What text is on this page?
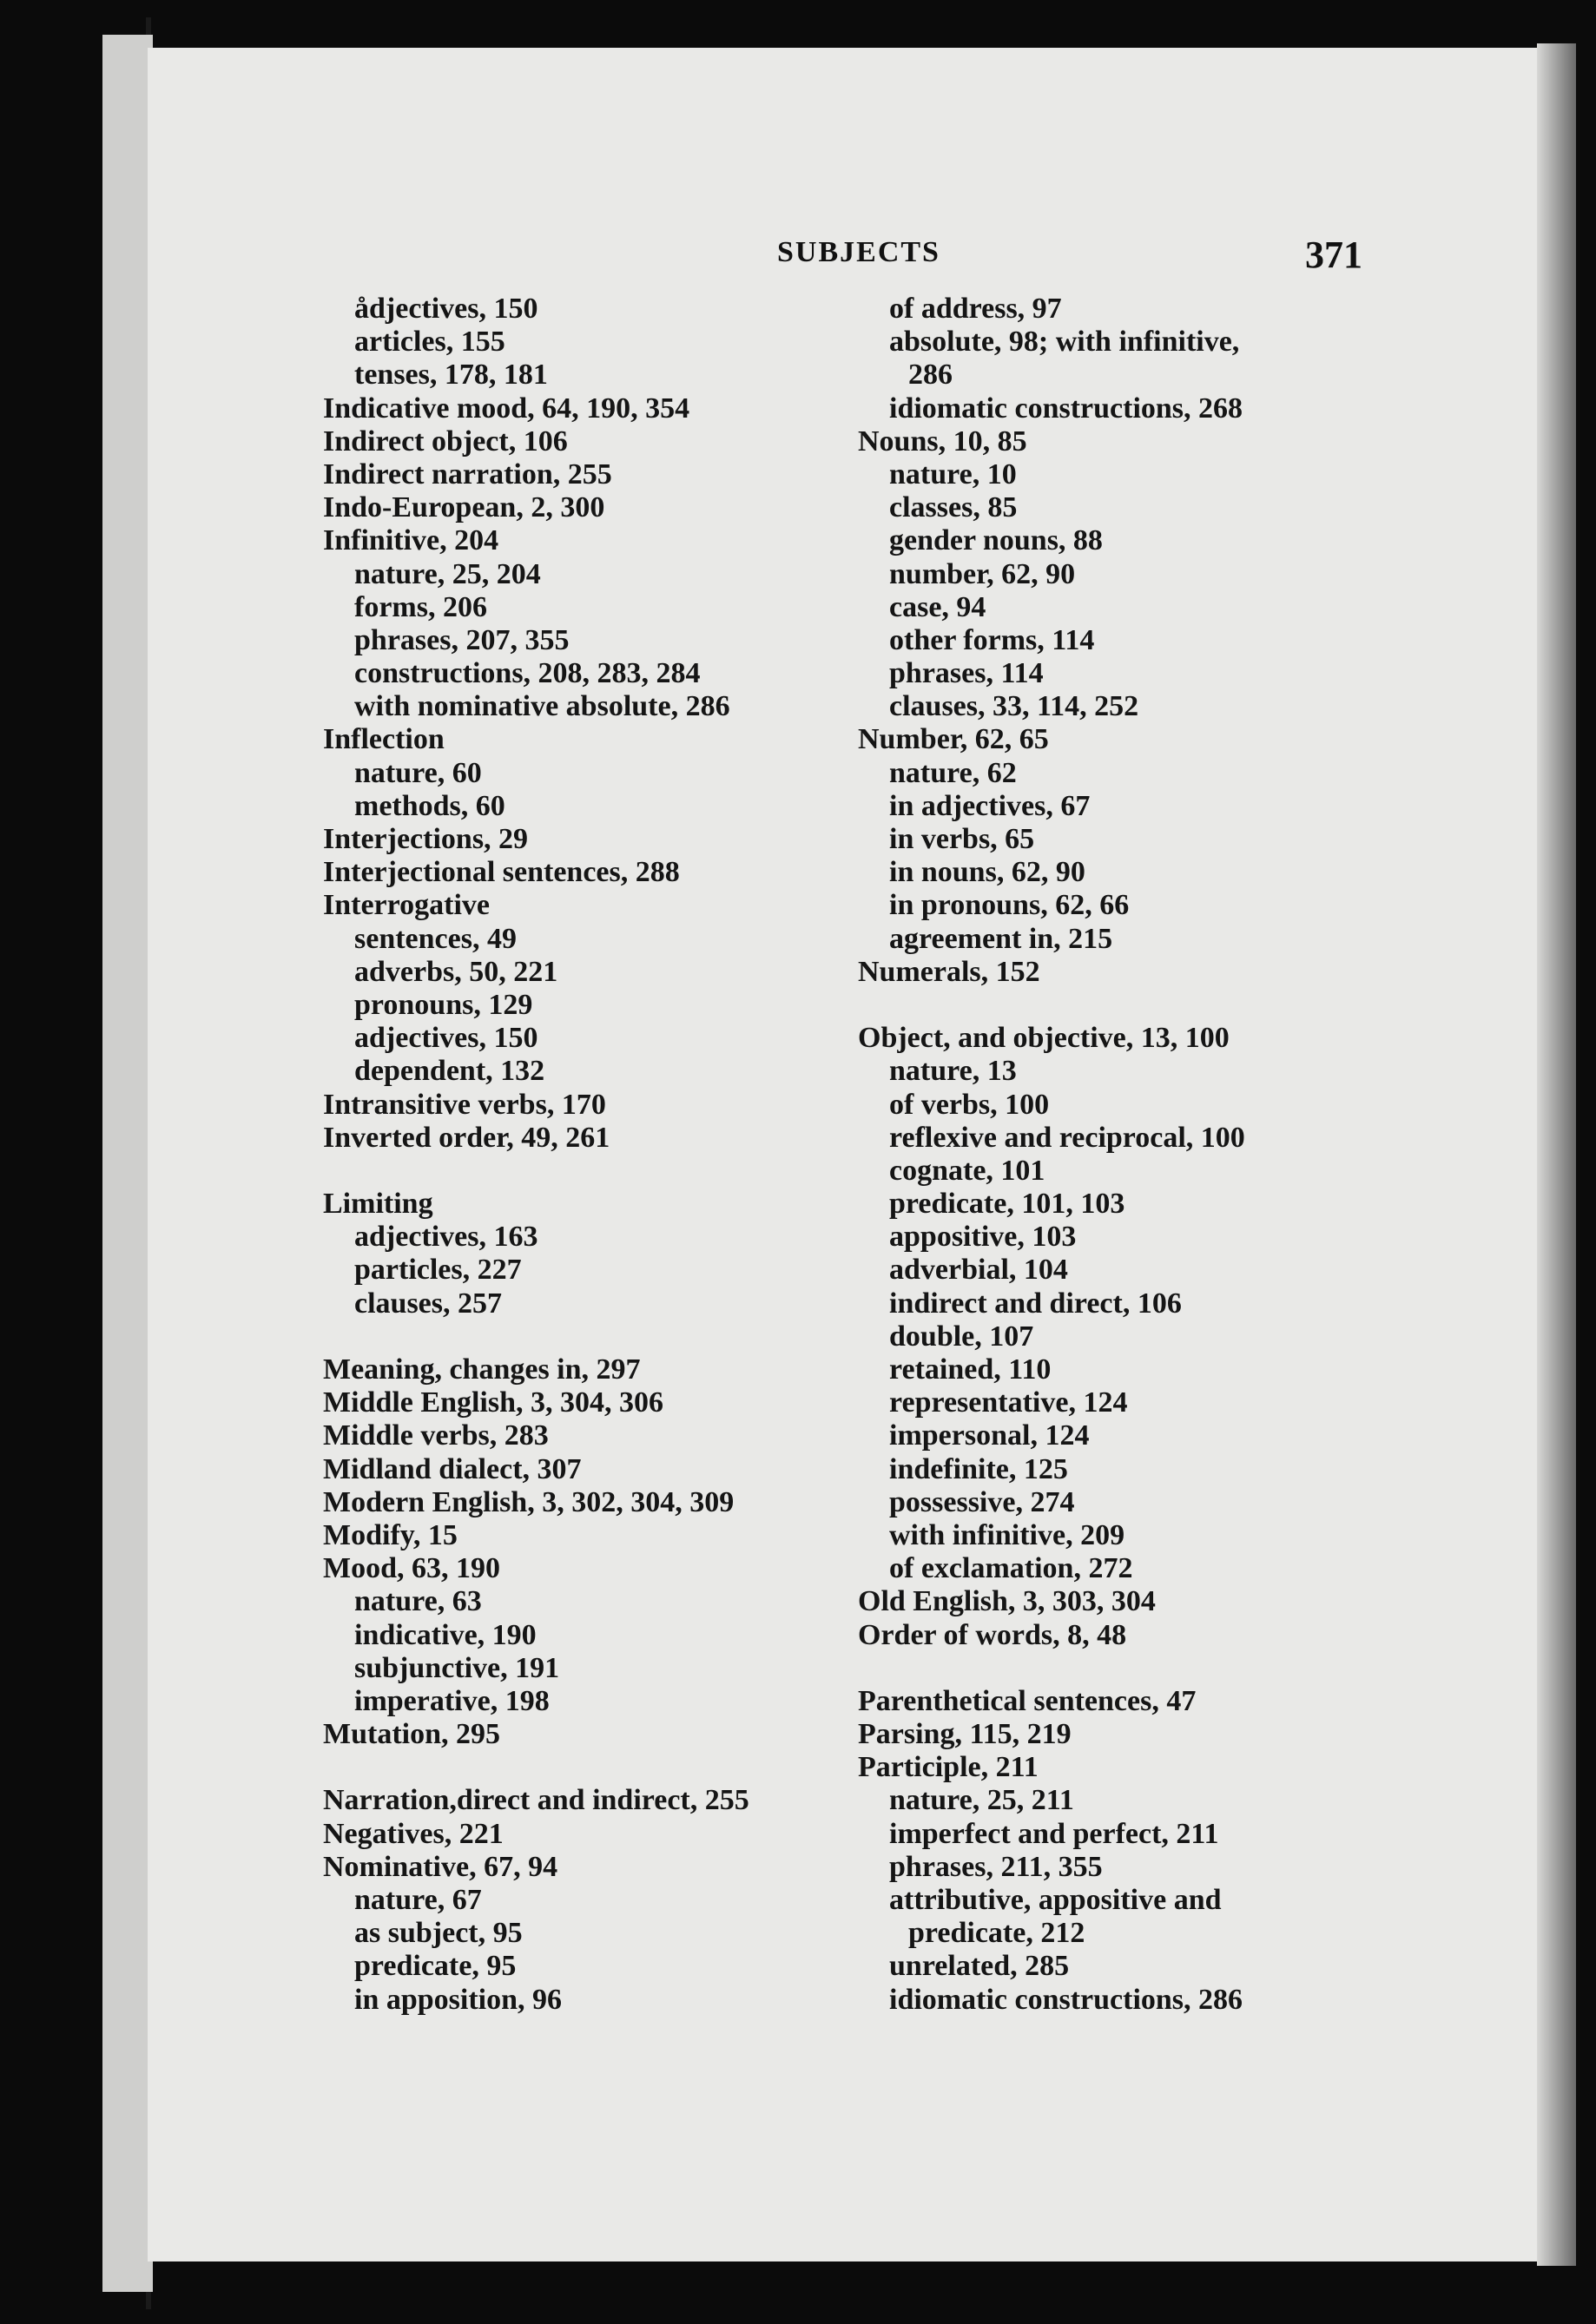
SUBJECTS	371
ådjectives, 150
articles, 155
tenses, 178, 181
Indicative mood, 64, 190, 354
Indirect object, 106
Indirect narration, 255
Indo-European, 2, 300
Infinitive, 204
nature, 25, 204
forms, 206
phrases, 207, 355
constructions, 208, 283, 284
with nominative absolute, 286
Inflection
nature, 60
methods, 60
Interjections, 29
Interjectional sentences, 288
Interrogative
sentences, 49
adverbs, 50, 221
pronouns, 129
adjectives, 150
dependent, 132
Intransitive verbs, 170
Inverted order, 49, 261
Limiting
adjectives, 163
particles, 227
clauses, 257
Meaning, changes in, 297
Middle English, 3, 304, 306
Middle verbs, 283
Midland dialect, 307
Modern English, 3, 302, 304, 309
Modify, 15
Mood, 63, 190
nature, 63
indicative, 190
subjunctive, 191
imperative, 198
Mutation, 295
Narration,direct and indirect, 255
Negatives, 221
Nominative, 67, 94
nature, 67
as subject, 95
predicate, 95
in apposition, 96
of address, 97
absolute, 98; with infinitive,
286
idiomatic constructions, 268
Nouns, 10, 85
nature, 10
classes, 85
gender nouns, 88
number, 62, 90
case, 94
other forms, 114
phrases, 114
clauses, 33, 114, 252
Number, 62, 65
nature, 62
in adjectives, 67
in verbs, 65
in nouns, 62, 90
in pronouns, 62, 66
agreement in, 215
Numerals, 152
Object, and objective, 13, 100
nature, 13
of verbs, 100
reflexive and reciprocal, 100
cognate, 101
predicate, 101, 103
appositive, 103
adverbial, 104
indirect and direct, 106
double, 107
retained, 110
representative, 124
impersonal, 124
indefinite, 125
possessive, 274
with infinitive, 209
of exclamation, 272
Old English, 3, 303, 304
Order of words, 8, 48
Parenthetical sentences, 47
Parsing, 115, 219
Participle, 211
nature, 25, 211
imperfect and perfect, 211
phrases, 211, 355
attributive, appositive and
predicate, 212
unrelated, 285
idiomatic constructions, 286
